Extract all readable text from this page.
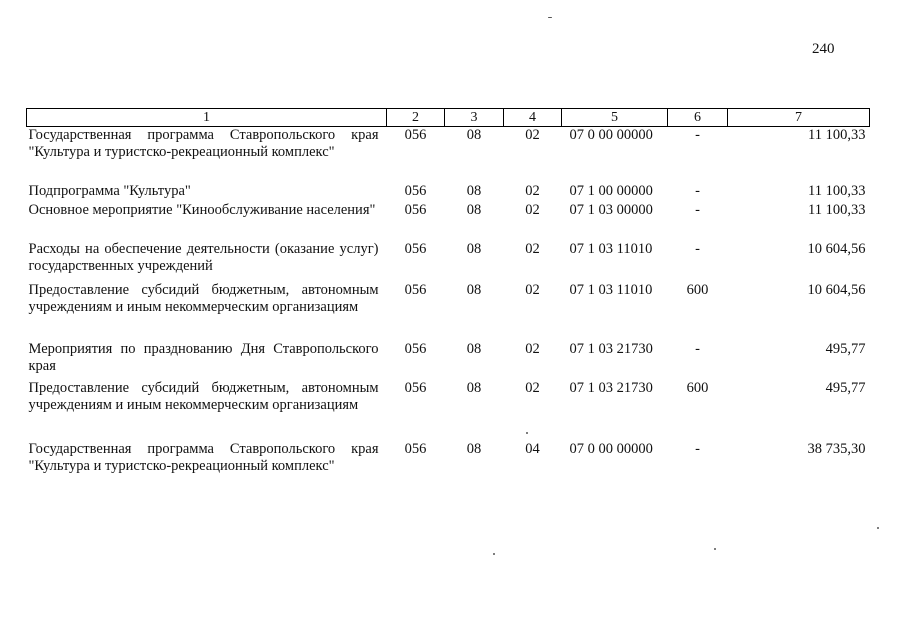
240
1	2	3	4	5	6	7
Государственная программа Ставропольского края "Культура и туристско-рекреационный комплекс"	056	08	02	07 0 00 00000	-	11 100,33
Подпрограмма "Культура"	056	08	02	07 1 00 00000	-	11 100,33
Основное мероприятие "Кинообслуживание населения"	056	08	02	07 1 03 00000	-	11 100,33
Расходы на обеспечение деятельности (оказание услуг) государственных учреждений	056	08	02	07 1 03 11010	-	10 604,56
Предоставление субсидий бюджетным, автономным учреждениям и иным некоммерческим организациям	056	08	02	07 1 03 11010	600	10 604,56
Мероприятия по празднованию Дня Ставропольского края	056	08	02	07 1 03 21730	-	495,77
Предоставление субсидий бюджетным, автономным учреждениям и иным некоммерческим организациям	056	08	02	07 1 03 21730	600	495,77
Государственная программа Ставропольского края "Культура и туристско-рекреационный комплекс"	056	08	04	07 0 00 00000	-	38 735,30
